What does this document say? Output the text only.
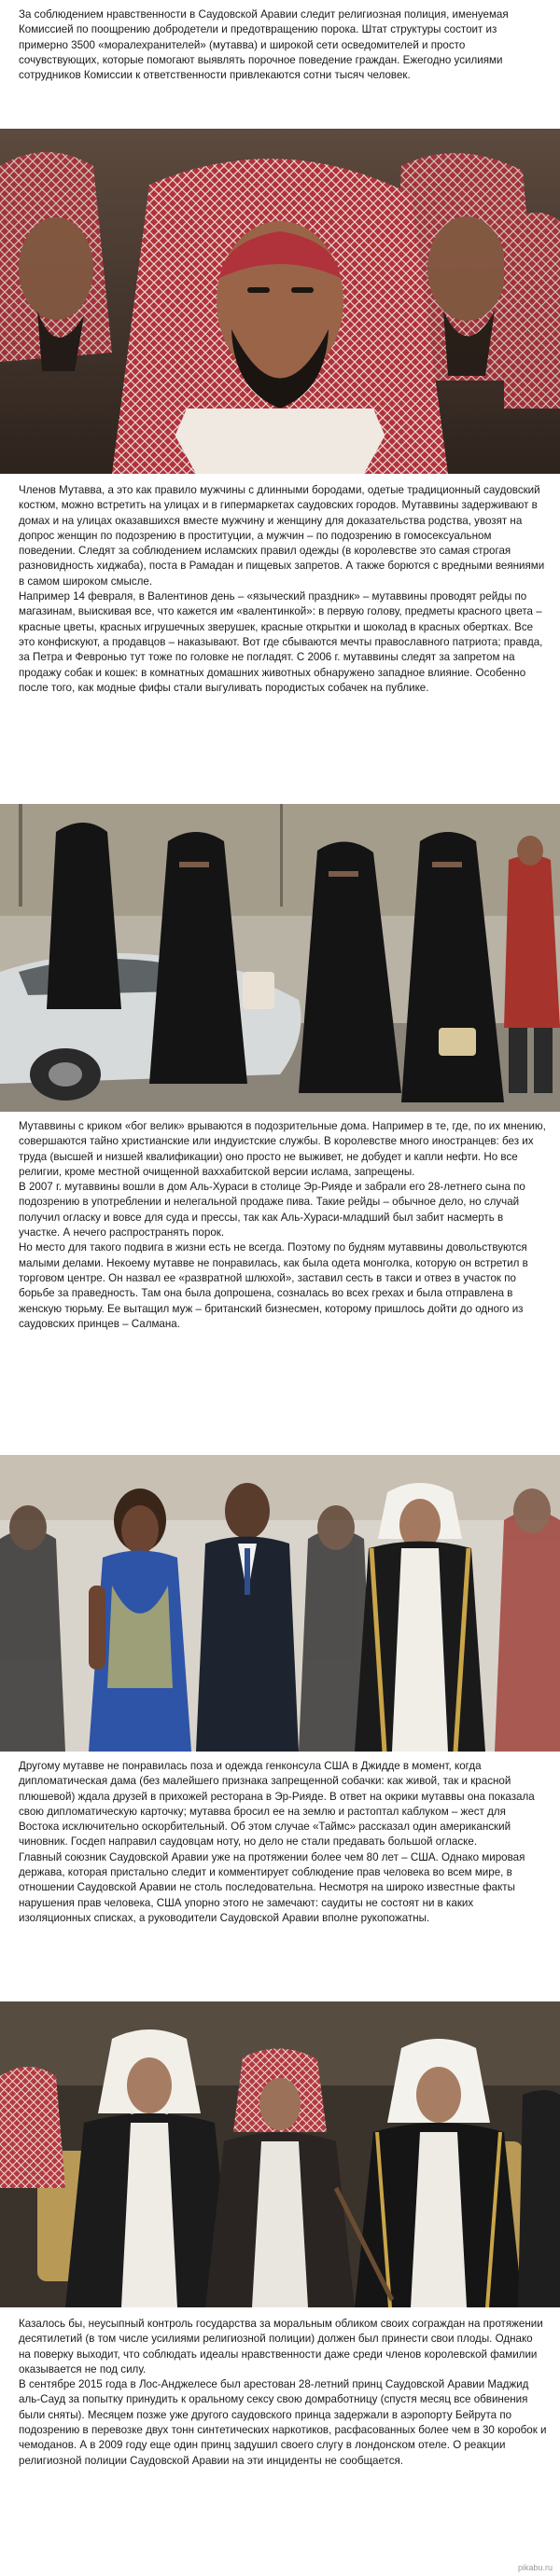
За соблюдением нравственности в Саудовской Аравии следит религиозная полиция, именуемая Комиссией по поощрению добродетели и предотвращению порока. Штат структуры состоит из примерно 3500 «моралехранителей» (мутавва) и широкой сети осведомителей и просто сочувствующих, которые помогают выявлять порочное поведение граждан. Ежегодно усилиями сотрудников Комиссии к ответственности привлекаются сотни тысяч человек.

Членов Мутавва, а это как правило мужчины с длинными бородами, одетые традиционный саудовский костюм, можно встретить на улицах и в гипермаркетах саудовских городов. Мутаввины задерживают в домах и на улицах оказавшихся вместе мужчину и женщину для доказательства родства, увозят на допрос женщин по подозрению в проституции, а мужчин – по подозрению в гомосексуальном поведении. Следят за соблюдением исламских правил одежды (в королевстве это самая строгая разновидность хиджаба), поста в Рамадан и пищевых запретов. А также борются с вредными веяниями в самом широком смысле.

Например 14 февраля, в Валентинов день – «языческий праздник» – мутаввины проводят рейды по магазинам, выискивая все, что кажется им «валентинкой»: в первую голову, предметы красного цвета – красные цветы, красных игрушечных зверушек, красные открытки и шоколад в красных обертках. Все это конфискуют, а продавцов – наказывают. Вот где сбываются мечты православного патриота; правда, за Петра и Февронью тут тоже по головке не погладят. С 2006 г. мутаввины следят за запретом на продажу собак и кошек: в комнатных домашних животных обнаружено западное влияние. Особенно после того, как модные фифы стали выгуливать породистых собачек на публике.

Мутаввины с криком «бог велик» врываются в подозрительные дома. Например в те, где, по их мнению, совершаются тайно христианские или индуистские службы. В королевстве много иностранцев: без их труда (высшей и низшей квалификации) оно просто не выживет, не добудет и капли нефти. Но все религии, кроме местной очищенной ваххабитской версии ислама, запрещены.

В 2007 г. мутаввины вошли в дом Аль-Хураси в столице Эр-Рияде и забрали его 28-летнего сына по подозрению в употреблении и нелегальной продаже пива. Такие рейды – обычное дело, но случай получил огласку и вовсе для суда и прессы, так как Аль-Хураси-младший был забит насмерть в участке. А нечего распространять порок.

Но место для такого подвига в жизни есть не всегда. Поэтому по будням мутаввины довольствуются малыми делами. Некоему мутавве не понравилась, как была одета монголка, которую он встретил в торговом центре. Он назвал ее «развратной шлюхой», заставил сесть в такси и отвез в участок по борьбе за праведность. Там она была допрошена, созналась во всех грехах и была отправлена в женскую тюрьму. Ее вытащил муж – британский бизнесмен, которому пришлось дойти до одного из саудовских принцев – Салмана.

Другому мутавве не понравилась поза и одежда генконсула США в Джидде в момент, когда дипломатическая дама (без малейшего признака запрещенной собачки: как живой, так и красной плюшевой) ждала друзей в прихожей ресторана в Эр-Рияде. В ответ на окрики мутаввы она показала свою дипломатическую карточку; мутавва бросил ее на землю и растоптал каблуком – жест для Востока исключительно оскорбительный. Об этом случае «Таймс» рассказал один американский чиновник. Госдеп направил саудовцам ноту, но дело не стали предавать большой огласке.

Главный союзник Саудовской Аравии уже на протяжении более чем 80 лет – США. Однако мировая держава, которая пристально следит и комментирует соблюдение прав человека во всем мире, в отношении Саудовской Аравии не столь последовательна. Несмотря на широко известные факты нарушения прав человека, США упорно этого не замечают: саудиты не состоят ни в каких изоляционных списках, а руководители Саудовской Аравии вполне рукопожатны.

Казалось бы, неусыпный контроль государства за моральным обликом своих сограждан на протяжении десятилетий (в том числе усилиями религиозной полиции) должен был принести свои плоды. Однако на поверку выходит, что соблюдать идеалы нравственности даже среди членов королевской фамилии оказывается не под силу.

В сентябре 2015 года в Лос-Анджелесе был арестован 28-летний принц Саудовской Аравии Маджид аль-Сауд за попытку принудить к оральному сексу свою домработницу (спустя месяц все обвинения были сняты). Месяцем позже уже другого саудовского принца задержали в аэропорту Бейрута по подозрению в перевозке двух тонн синтетических наркотиков, расфасованных более чем в 30 коробок и чемоданов. А в 2009 году еще один принц задушил своего слугу в лондонском отеле. О реакции религиозной полиции Саудовской Аравии на эти инциденты не сообщается.

pikabu.ru
